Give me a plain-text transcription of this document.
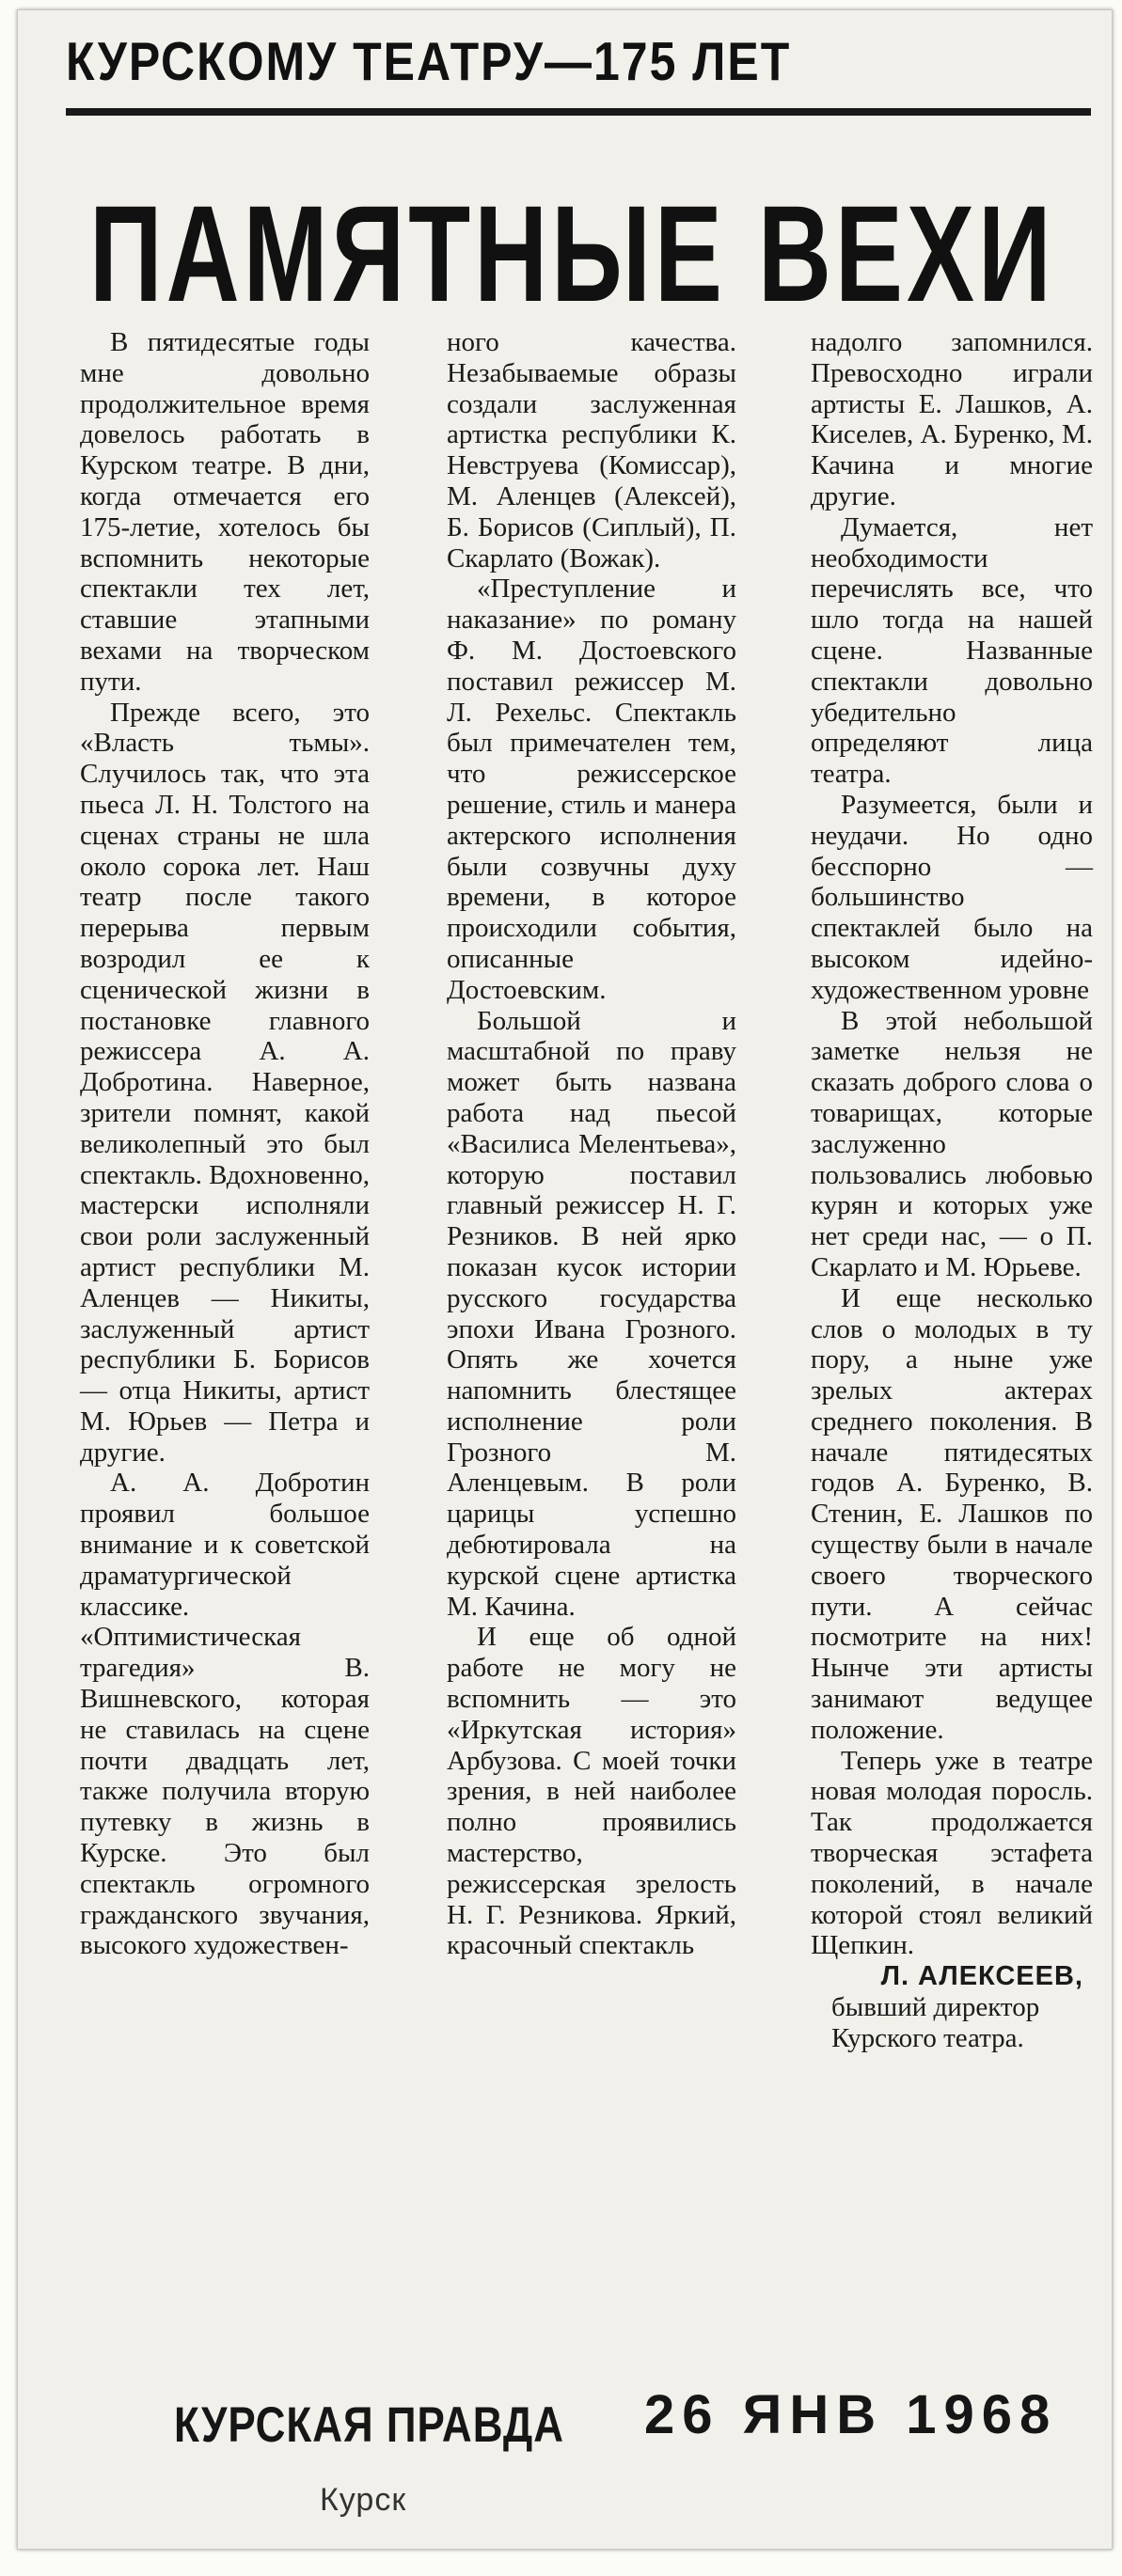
КУРСКОМУ ТЕАТРУ—175 ЛЕТ
ПАМЯТНЫЕ ВЕХИ

В пятидесятые годы мне довольно продолжительное время довелось работать в Курском театре. В дни, когда отмечается его 175-летие, хотелось бы вспомнить некоторые спектакли тех лет, ставшие этапными вехами на творческом пути.

Прежде всего, это «Власть тьмы». Случилось так, что эта пьеса Л. Н. Толстого на сценах страны не шла около сорока лет. Наш театр после такого перерыва первым возродил ее к сценической жизни в постановке главного режиссера А. А. Добротина. Наверное, зрители помнят, какой великолепный это был спектакль. Вдохновенно, мастерски исполняли свои роли заслуженный артист республики М. Аленцев — Никиты, заслуженный артист республики Б. Борисов — отца Никиты, артист М. Юрьев — Петра и другие.

А. А. Добротин проявил большое внимание и к советской драматургической классике. «Оптимистическая трагедия» В. Вишневского, которая не ставилась на сцене почти двадцать лет, также получила вторую путевку в жизнь в Курске. Это был спектакль огромного гражданского звучания, высокого художествен-

ного качества. Незабываемые образы создали заслуженная артистка республики К. Невструева (Комиссар), М. Аленцев (Алексей), Б. Борисов (Сиплый), П. Скарлато (Вожак).

«Преступление и наказание» по роману Ф. М. Достоевского поставил режиссер М. Л. Рехельс. Спектакль был примечателен тем, что режиссерское решение, стиль и манера актерского исполнения были созвучны духу времени, в которое происходили события, описанные Достоевским.

Большой и масштабной по праву может быть названа работа над пьесой «Василиса Мелентьева», которую поставил главный режиссер Н. Г. Резников. В ней ярко показан кусок истории русского государства эпохи Ивана Грозного. Опять же хочется напомнить блестящее исполнение роли Грозного М. Аленцевым. В роли царицы успешно дебютировала на курской сцене артистка М. Качина.

И еще об одной работе не могу не вспомнить — это «Иркутская история» Арбузова. С моей точки зрения, в ней наиболее полно проявились мастерство, режиссерская зрелость Н. Г. Резникова. Яркий, красочный спектакль

надолго запомнился. Превосходно играли артисты Е. Лашков, А. Киселев, А. Буренко, М. Качина и многие другие.

Думается, нет необходимости перечислять все, что шло тогда на нашей сцене. Названные спектакли довольно убедительно определяют лица театра.

Разумеется, были и неудачи. Но одно бесспорно — большинство спектаклей было на высоком идейно-художественном уровне

В этой небольшой заметке нельзя не сказать доброго слова о товарищах, которые заслуженно пользовались любовью курян и которых уже нет среди нас, — о П. Скарлато и М. Юрьеве.

И еще несколько слов о молодых в ту пору, а ныне уже зрелых актерах среднего поколения. В начале пятидесятых годов А. Буренко, В. Стенин, Е. Лашков по существу были в начале своего творческого пути. А сейчас посмотрите на них! Нынче эти артисты занимают ведущее положение.

Теперь уже в театре новая молодая поросль. Так продолжается творческая эстафета поколений, в начале которой стоял великий Щепкин.

Л. АЛЕКСЕЕВ,

бывший директор Курского театра.

КУРСКАЯ ПРАВДА 26 ЯНВ 1968
Курск
